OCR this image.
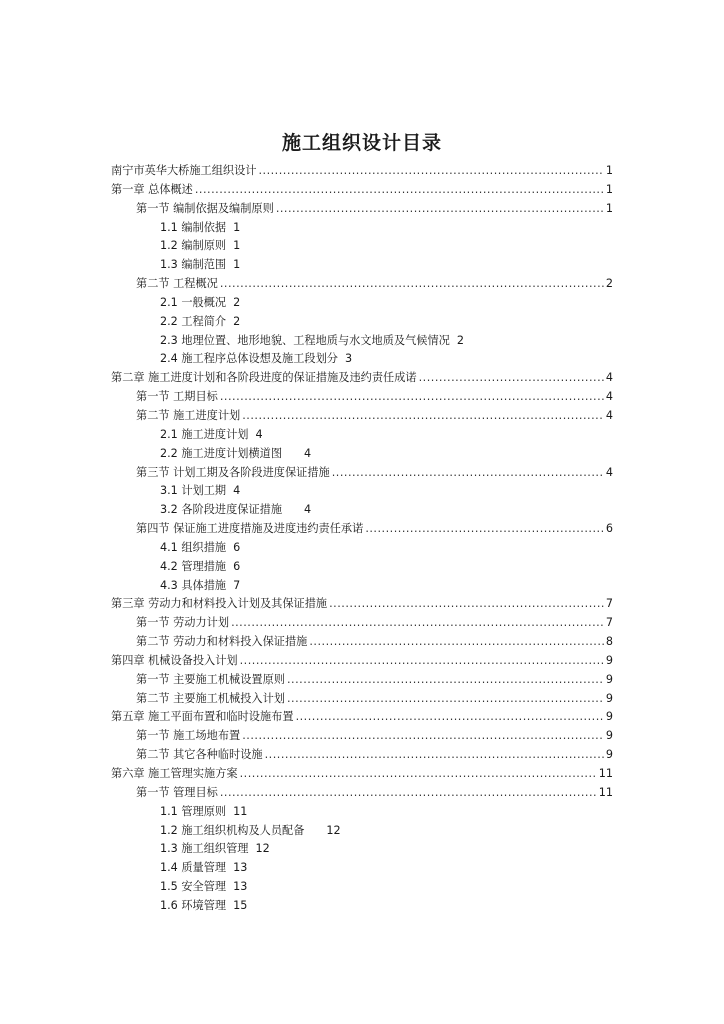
施工组织设计目录
南宁市英华大桥施工组织设计 .....	1
第一章 总体概述 .....	1
第一节 编制依据及编制原则 .....	1
1.1 编制依据 1
1.2 编制原则 1
1.3 编制范围 1
第二节 工程概况 .....	2
2.1 一般概况 2
2.2 工程简介 2
2.3 地理位置、地形地貌、工程地质与水文地质及气候情况 2
2.4 施工程序总体设想及施工段划分 3
第二章 施工进度计划和各阶段进度的保证措施及违约责任成诺 .....	4
第一节 工期目标 .....	4
第二节 施工进度计划 .....	4
2.1 施工进度计划 4
2.2 施工进度计划横道图 4
第三节 计划工期及各阶段进度保证措施 .....	4
3.1 计划工期 4
3.2 各阶段进度保证措施 4
第四节 保证施工进度措施及进度违约责任承诺 .....	6
4.1 组织措施 6
4.2 管理措施 6
4.3 具体措施 7
第三章 劳动力和材料投入计划及其保证措施 .....	7
第一节 劳动力计划 .....	7
第二节 劳动力和材料投入保证措施 .....	8
第四章 机械设备投入计划 .....	9
第一节 主要施工机械设置原则 .....	9
第二节 主要施工机械投入计划 .....	9
第五章 施工平面布置和临时设施布置 .....	9
第一节 施工场地布置 .....	9
第二节 其它各种临时设施 .....	9
第六章 施工管理实施方案 .....	11
第一节 管理目标 .....	11
1.1 管理原则 11
1.2 施工组织机构及人员配备 12
1.3 施工组织管理 12
1.4 质量管理 13
1.5 安全管理 13
1.6 环境管理 15
